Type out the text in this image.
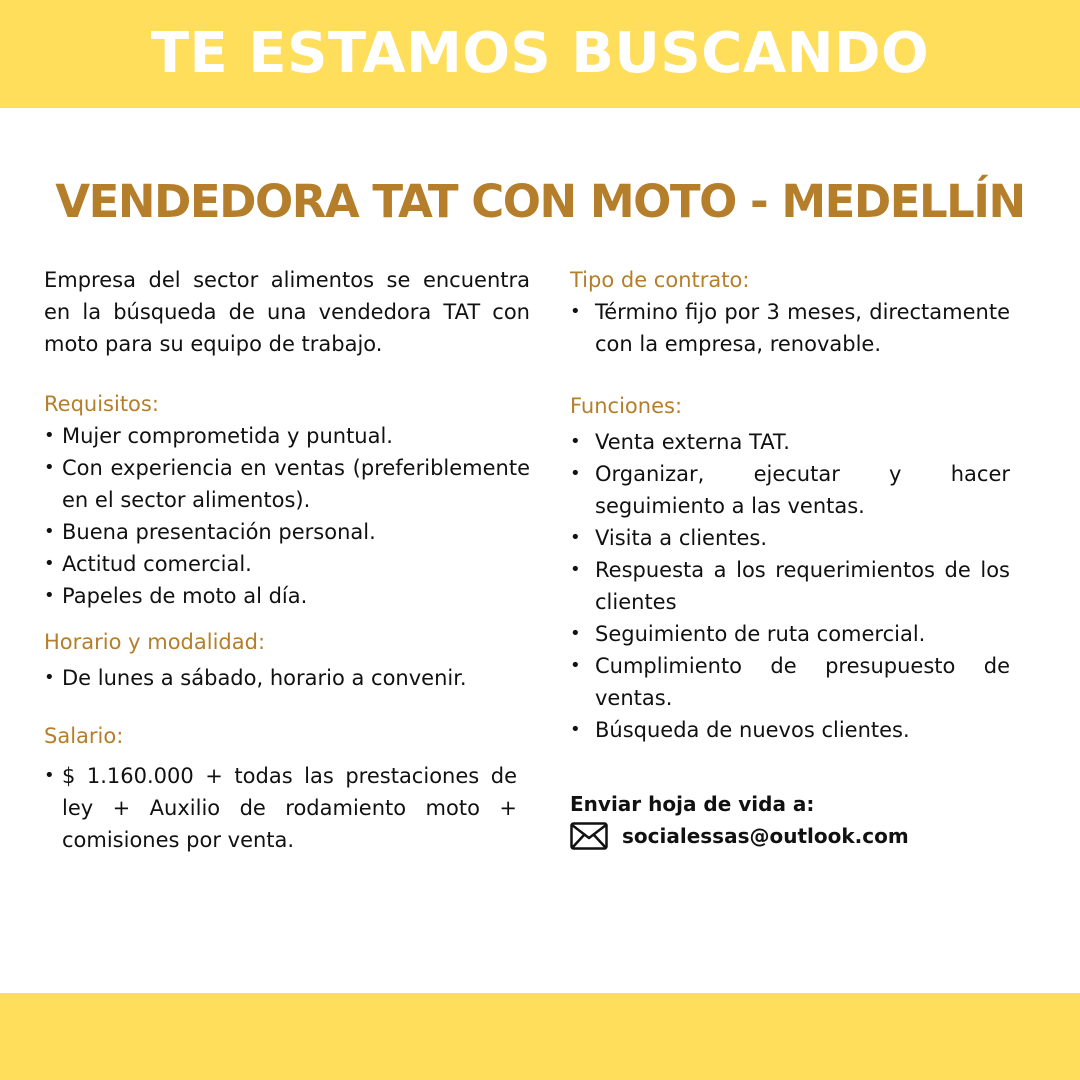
TE ESTAMOS BUSCANDO
VENDEDORA TAT CON MOTO - MEDELLÍN

Empresa del sector alimentos se encuentra en la búsqueda de una vendedora TAT con moto para su equipo de trabajo.

Requisitos:

• Mujer comprometida y puntual.
• Con experiencia en ventas (preferiblemente en el sector alimentos).
• Buena presentación personal.
• Actitud comercial.
• Papeles de moto al día.

Horario y modalidad:

• De lunes a sábado, horario a convenir.

Salario:

• $ 1.160.000 + todas las prestaciones de ley + Auxilio de rodamiento moto + comisiones por venta.

Tipo de contrato:

• Término fijo por 3 meses, directamente con la empresa, renovable.

Funciones:

• Venta externa TAT.
• Organizar, ejecutar y hacer seguimiento a las ventas.
• Visita a clientes.
• Respuesta a los requerimientos de los clientes
• Seguimiento de ruta comercial.
• Cumplimiento de presupuesto de ventas.
• Búsqueda de nuevos clientes.

Enviar hoja de vida a:

socialessas@outlook.com
